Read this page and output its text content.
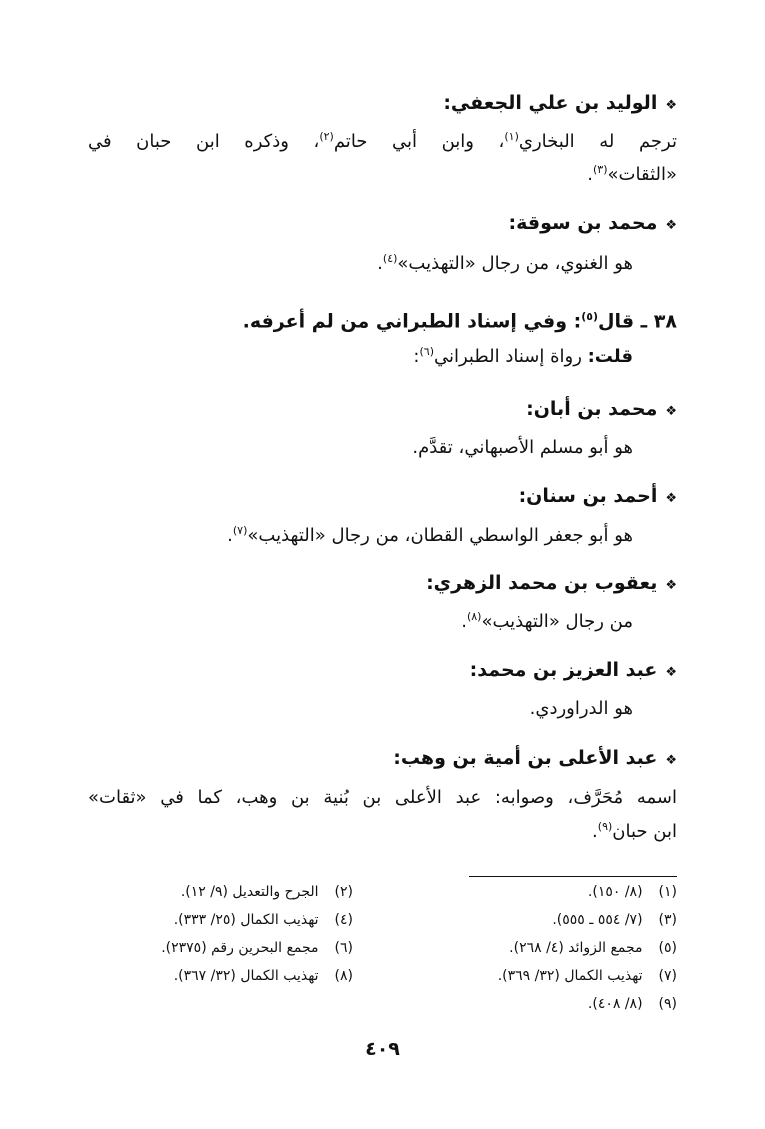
❖الوليد بن علي الجعفي:
ترجم له البخاري$^{(١)}$، وابن أبي حاتم$^{(٢)}$، وذكره ابن حبان في
«الثقات»$^{(٣)}$.
❖محمد بن سوقة:
هو الغنوي، من رجال «التهذيب»$^{(٤)}$.
٣٨ ـ قال$^{(٥)}$: وفي إسناد الطبراني من لم أعرفه.
قلت: رواة إسناد الطبراني$^{(٦)}$:
❖محمد بن أبان:
هو أبو مسلم الأصبهاني، تقدَّم.
❖أحمد بن سنان:
هو أبو جعفر الواسطي القطان، من رجال «التهذيب»$^{(٧)}$.
❖يعقوب بن محمد الزهري:
من رجال «التهذيب»$^{(٨)}$.
❖عبد العزيز بن محمد:
هو الدراوردي.
❖عبد الأعلى بن أمية بن وهب:
اسمه مُحَرَّف، وصوابه: عبد الأعلى بن بُنية بن وهب، كما في «ثقات»
ابن حبان$^{(٩)}$.
(١) (٨/ ١٥٠).
(٢) الجرح والتعديل (٩/ ١٢).
(٣) (٧/ ٥٥٤ ـ ٥٥٥).
(٤) تهذيب الكمال (٢٥/ ٣٣٣).
(٥) مجمع الزوائد (٤/ ٢٦٨).
(٦) مجمع البحرين رقم (٢٣٧٥).
(٧) تهذيب الكمال (٣٢/ ٣٦٩).
(٨) تهذيب الكمال (٣٢/ ٣٦٧).
(٩) (٨/ ٤٠٨).
٤٠٩
